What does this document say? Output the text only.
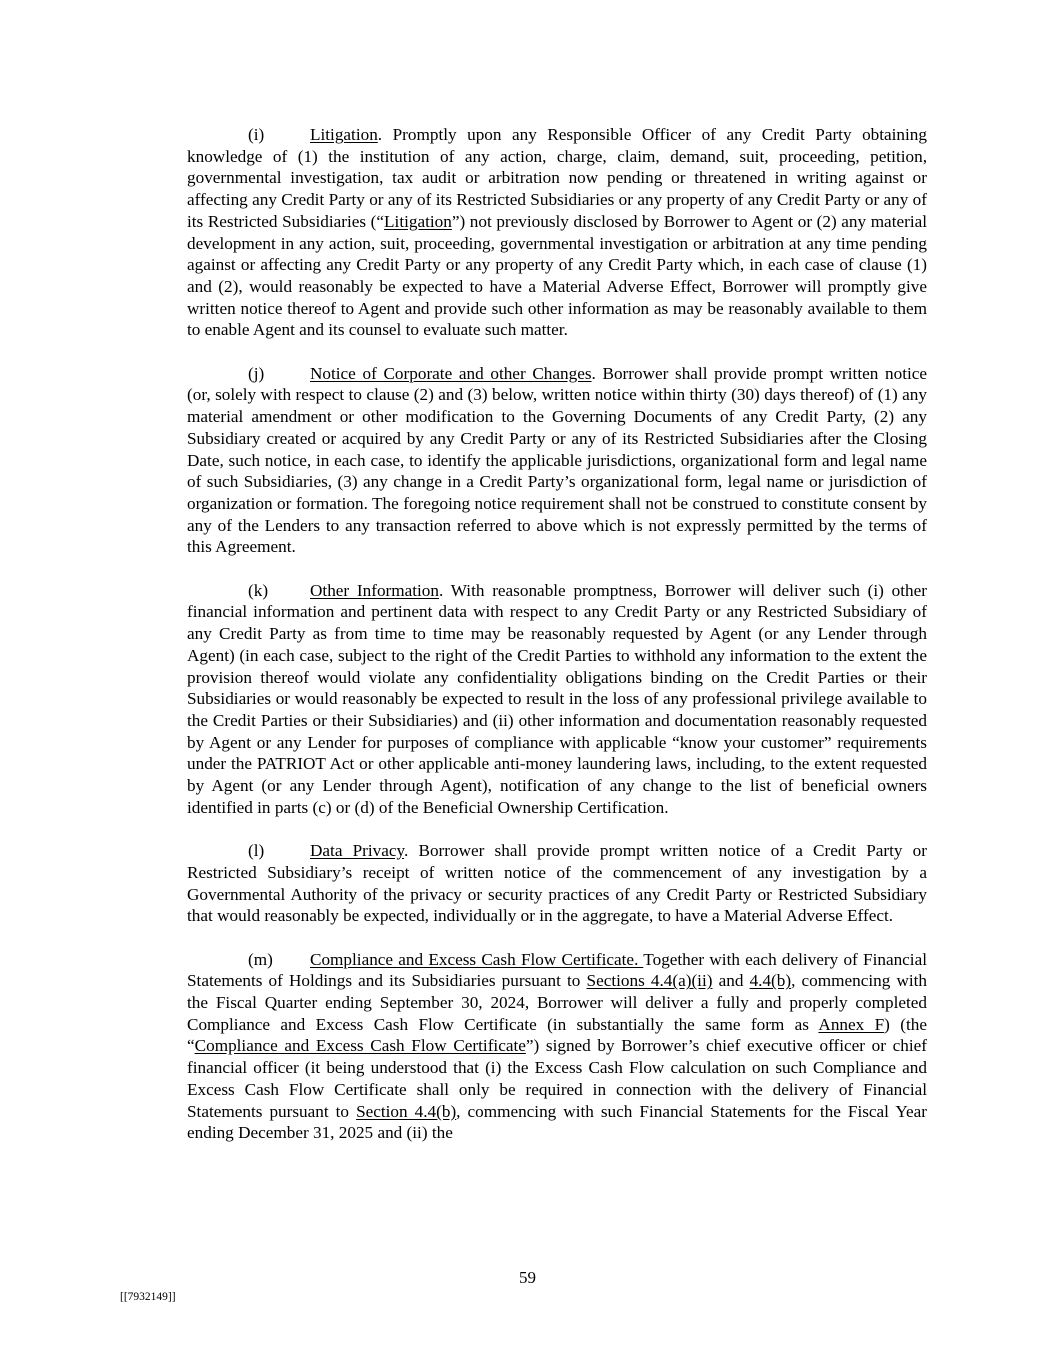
(i)	Litigation. Promptly upon any Responsible Officer of any Credit Party obtaining knowledge of (1) the institution of any action, charge, claim, demand, suit, proceeding, petition, governmental investigation, tax audit or arbitration now pending or threatened in writing against or affecting any Credit Party or any of its Restricted Subsidiaries or any property of any Credit Party or any of its Restricted Subsidiaries (“Litigation”) not previously disclosed by Borrower to Agent or (2) any material development in any action, suit, proceeding, governmental investigation or arbitration at any time pending against or affecting any Credit Party or any property of any Credit Party which, in each case of clause (1) and (2), would reasonably be expected to have a Material Adverse Effect, Borrower will promptly give written notice thereof to Agent and provide such other information as may be reasonably available to them to enable Agent and its counsel to evaluate such matter.

(j)	Notice of Corporate and other Changes. Borrower shall provide prompt written notice (or, solely with respect to clause (2) and (3) below, written notice within thirty (30) days thereof) of (1) any material amendment or other modification to the Governing Documents of any Credit Party, (2) any Subsidiary created or acquired by any Credit Party or any of its Restricted Subsidiaries after the Closing Date, such notice, in each case, to identify the applicable jurisdictions, organizational form and legal name of such Subsidiaries, (3) any change in a Credit Party’s organizational form, legal name or jurisdiction of organization or formation. The foregoing notice requirement shall not be construed to constitute consent by any of the Lenders to any transaction referred to above which is not expressly permitted by the terms of this Agreement.

(k) Other Information. With reasonable promptness, Borrower will deliver such (i) other financial information and pertinent data with respect to any Credit Party or any Restricted Subsidiary of any Credit Party as from time to time may be reasonably requested by Agent (or any Lender through Agent) (in each case, subject to the right of the Credit Parties to withhold any information to the extent the provision thereof would violate any confidentiality obligations binding on the Credit Parties or their Subsidiaries or would reasonably be expected to result in the loss of any professional privilege available to the Credit Parties or their Subsidiaries) and (ii) other information and documentation reasonably requested by Agent or any Lender for purposes of compliance with applicable “know your customer” requirements under the PATRIOT Act or other applicable anti-money laundering laws, including, to the extent requested by Agent (or any Lender through Agent), notification of any change to the list of beneficial owners identified in parts (c) or (d) of the Beneficial Ownership Certification.

(l)	Data Privacy. Borrower shall provide prompt written notice of a Credit Party or Restricted Subsidiary’s receipt of written notice of the commencement of any investigation by a Governmental Authority of the privacy or security practices of any Credit Party or Restricted Subsidiary that would reasonably be expected, individually or in the aggregate, to have a Material Adverse Effect.

(m) Compliance and Excess Cash Flow Certificate. Together with each delivery of Financial Statements of Holdings and its Subsidiaries pursuant to Sections 4.4(a)(ii) and 4.4(b), commencing with the Fiscal Quarter ending September 30, 2024, Borrower will deliver a fully and properly completed Compliance and Excess Cash Flow Certificate (in substantially the same form as Annex F) (the “Compliance and Excess Cash Flow Certificate”) signed by Borrower’s chief executive officer or chief financial officer (it being understood that (i) the Excess Cash Flow calculation on such Compliance and Excess Cash Flow Certificate shall only be required in connection with the delivery of Financial Statements pursuant to Section 4.4(b), commencing with such Financial Statements for the Fiscal Year ending December 31, 2025 and (ii) the

59
[[7932149]]
